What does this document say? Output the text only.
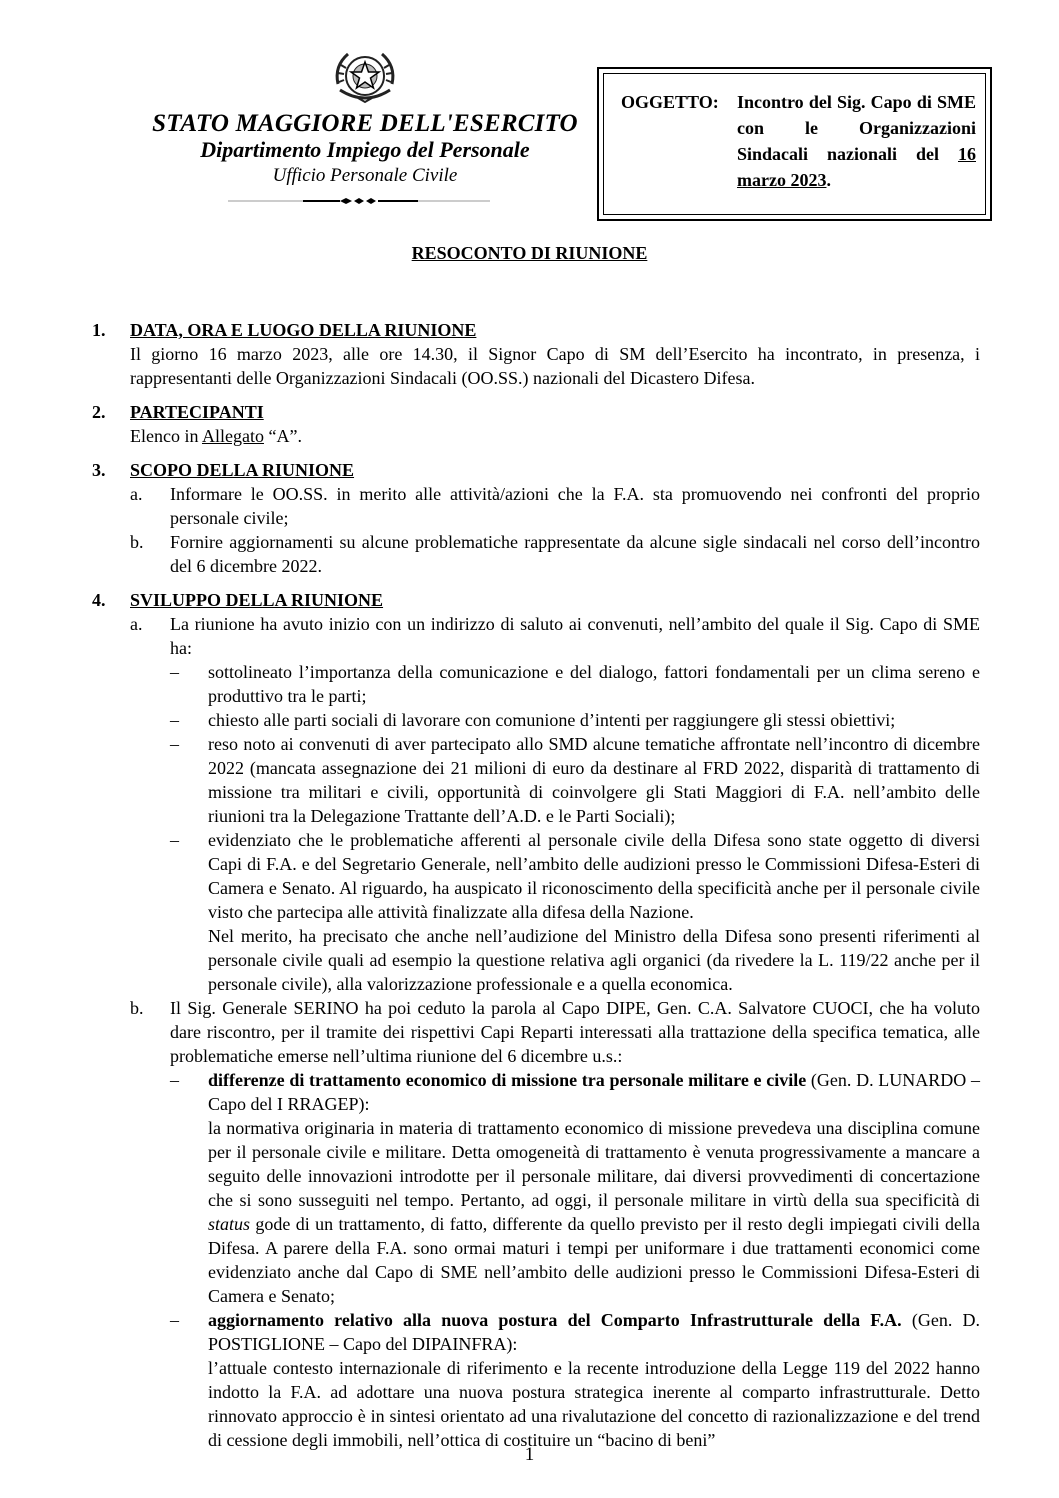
STATO MAGGIORE DELL'ESERCITO
Dipartimento Impiego del Personale
Ufficio Personale Civile
OGGETTO: Incontro del Sig. Capo di SME con le Organizzazioni Sindacali nazionali del 16 marzo 2023.
RESOCONTO DI RIUNIONE
1. DATA, ORA E LUOGO DELLA RIUNIONE
Il giorno 16 marzo 2023, alle ore 14.30, il Signor Capo di SM dell’Esercito ha incontrato, in presenza, i rappresentanti delle Organizzazioni Sindacali (OO.SS.) nazionali del Dicastero Difesa.
2. PARTECIPANTI
Elenco in Allegato “A”.
3. SCOPO DELLA RIUNIONE
a. Informare le OO.SS. in merito alle attività/azioni che la F.A. sta promuovendo nei confronti del proprio personale civile;
b. Fornire aggiornamenti su alcune problematiche rappresentate da alcune sigle sindacali nel corso dell’incontro del 6 dicembre 2022.
4. SVILUPPO DELLA RIUNIONE
a. La riunione ha avuto inizio con un indirizzo di saluto ai convenuti, nell’ambito del quale il Sig. Capo di SME ha:
– sottolineato l’importanza della comunicazione e del dialogo, fattori fondamentali per un clima sereno e produttivo tra le parti;
– chiesto alle parti sociali di lavorare con comunione d’intenti per raggiungere gli stessi obiettivi;
– reso noto ai convenuti di aver partecipato allo SMD alcune tematiche affrontate nell’incontro di dicembre 2022 (mancata assegnazione dei 21 milioni di euro da destinare al FRD 2022, disparità di trattamento di missione tra militari e civili, opportunità di coinvolgere gli Stati Maggiori di F.A. nell’ambito delle riunioni tra la Delegazione Trattante dell’A.D. e le Parti Sociali);
– evidenziato che le problematiche afferenti al personale civile della Difesa sono state oggetto di diversi Capi di F.A. e del Segretario Generale, nell’ambito delle audizioni presso le Commissioni Difesa-Esteri di Camera e Senato. Al riguardo, ha auspicato il riconoscimento della specificità anche per il personale civile visto che partecipa alle attività finalizzate alla difesa della Nazione.
Nel merito, ha precisato che anche nell’audizione del Ministro della Difesa sono presenti riferimenti al personale civile quali ad esempio la questione relativa agli organici (da rivedere la L. 119/22 anche per il personale civile), alla valorizzazione professionale e a quella economica.
b. Il Sig. Generale SERINO ha poi ceduto la parola al Capo DIPE, Gen. C.A. Salvatore CUOCI, che ha voluto dare riscontro, per il tramite dei rispettivi Capi Reparti interessati alla trattazione della specifica tematica, alle problematiche emerse nell’ultima riunione del 6 dicembre u.s.:
– differenze di trattamento economico di missione tra personale militare e civile (Gen. D. LUNARDO – Capo del I RRAGEP):
la normativa originaria in materia di trattamento economico di missione prevedeva una disciplina comune per il personale civile e militare. Detta omogeneità di trattamento è venuta progressivamente a mancare a seguito delle innovazioni introdotte per il personale militare, dai diversi provvedimenti di concertazione che si sono susseguiti nel tempo. Pertanto, ad oggi, il personale militare in virtù della sua specificità di status gode di un trattamento, di fatto, differente da quello previsto per il resto degli impiegati civili della Difesa. A parere della F.A. sono ormai maturi i tempi per uniformare i due trattamenti economici come evidenziato anche dal Capo di SME nell’ambito delle audizioni presso le Commissioni Difesa-Esteri di Camera e Senato;
– aggiornamento relativo alla nuova postura del Comparto Infrastrutturale della F.A. (Gen. D. POSTIGLIONE – Capo del DIPAINFRA):
l’attuale contesto internazionale di riferimento e la recente introduzione della Legge 119 del 2022 hanno indotto la F.A. ad adottare una nuova postura strategica inerente al comparto infrastrutturale. Detto rinnovato approccio è in sintesi orientato ad una rivalutazione del concetto di razionalizzazione e del trend di cessione degli immobili, nell’ottica di costituire un “bacino di beni”
1
